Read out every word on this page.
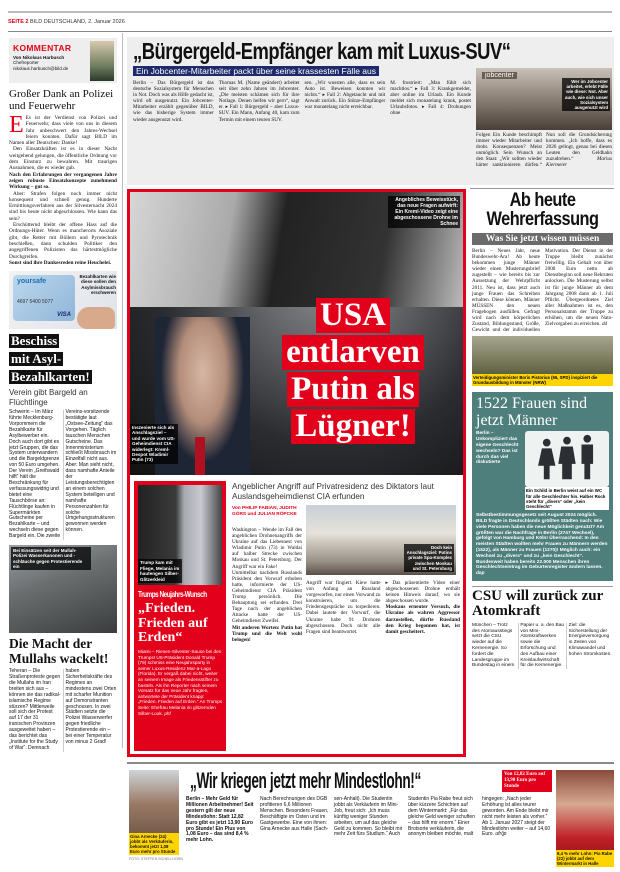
SEITE 2 BILD DEUTSCHLAND, 2. Januar 2026
KOMMENTAR
Von Nikolaus Harbusch
Chefreporter
nikolaus.harbusch@bild.de
Großer Dank an Polizei und Feuerwehr

E Es ist der Verdienst von Polizei und Feuerwehr, dass viele von uns in diesem Jahr unbeschwert den Jahres-Wechsel feiern konnten. Dafür sagt BILD im Namen aller Deutschen: Danke!

Den Einsatzkräften ist es in dieser Nacht weitgehend gelungen, die öffentliche Ordnung vor dem Einsturz zu bewahren. Mit traurigen Ausnahmen, die es wieder gab.

Nach den Erfahrungen der vergangenen Jahre zeigen robuste Einsatzkonzepte zunehmend Wirkung – gut so.

Aber: Strafen folgen noch immer nicht konsequent und schnell genug. Hunderte Ermittlungsverfahren aus der Silvesternacht 2024 sind bis heute nicht abgeschlossen. Wie kann das sein?

Erschütternd bleibt der offene Hass auf die Ordnungs-Hüter. Wenn es mancherorts Asoziale gibt, die Retter mit Böllern und Pyrotechnik beschießen, dann schulden Politiker den angegriffenen Polizisten das härtestmögliche Durchgreifen.

Sonst sind ihre Dankesreden reine Heuchelei.

yoursafe
4697 5400 5077
VISA
Bezahlkarten wie diese sollen den Asylmissbrauch erschweren
Beschiss
mit Asyl-
Bezahlkarten!
Verein gibt Bargeld an Flüchtlinge
Schwerin – Im März führte Mecklenburg-Vorpommern die Bezahlkarte für Asylbewerber ein. Doch auch dort gibt es jetzt Gruppen, die das System unterwandern und die Bargeldgrenze von 50 Euro umgehen. Der Verein „Greifswald hilft“ hält die Beschränkung für verfassungswidrig und bietet eine Tauschbörse an: Flüchtlinge kaufen in Supermärkten Gutscheine per Bezahlkarte – und wechseln diese gegen Bargeld ein. Die zweite Vereins-vorsitzende bestätigte laut „Ostsee-Zeitung“ das Vorgehen. Täglich tauschen Menschen Gutscheine. Das Innenministerium schließt Missbrauch im Einzelfall nicht aus. Aber: Man sieht nicht, dass namhafte Anteile der Leistungsberechtigten an einem solchen System beteiligen und namhafte Personenzahlen für solche Umgehungsstrukturen gewonnen werden können.
Bei Einsätzen seit der Mullah-Polizei Wasserkanonen und -schläuche gegen Protestierende ein
Die Macht der Mullahs wackelt!
Teheran – Die Straßenproteste gegen die Mullahs im Iran breiten sich aus – können sie das radikal-islamische Regime stürzen? Mittlerweile soll sich der Protest auf 17 der 31 iranischen Provinzen ausgeweitet haben – das berichtet das „Institute for the Study of War“. Demnach haben Sicherheitskräfte des Regimes an mindestens zwei Orten mit scharfer Munition auf Demonstranten geschossen. In zwei Städten setzte die Polizei Wasserwerfer gegen friedliche Protestierende ein – bei einer Temperatur von minus 2 Grad!
„Bürgergeld-Empfänger kam mit Luxus-SUV“
Ein Jobcenter-Mitarbeiter packt über seine krassesten Fälle aus
Berlin – Das Bürgergeld ist das deutsche Sozialsystem für Menschen in Not. Doch was als Hilfe gedacht ist, wird oft ausgenutzt. Ein Jobcenter-Mitarbeiter erzählt gegenüber BILD, wie das bisherige System immer wieder ausgenutzt wird.
Thomas M. (Name geändert) arbeitet seit über zehn Jahren im Jobcenter. „Die meisten schämen sich für ihre Notlage. Denen helfen wir gern“, sagt er. ▸ Fall 1: Bürgergeld – aber Luxus-SUV. Ein Mann, Anfang 40, kam zum Termin mit einem teuren SUV.
sen. „Wir wussten alle, dass es sein Auto ist. Beweisen konnten wir nichts.“ ▸ Fall 2: Abgetaucht und mit Anwalt zurück. Ein Stütze-Empfänger war monatelang nicht erreichbar.
M. frustriert: „Man fühlt sich machtlos.“ ▸ Fall 3: Krankgemeldet, aber online im Urlaub. Ein Kunde meldet sich monatelang krank, postet Urlaubsfotos. ▸ Fall 4: Drohungen ohne
jobcenter
Wer im Jobcenter arbeitet, erlebt Fälle wie diese: Not. Aber auch, wie sich unser Sozialsystem ausgenutzt wird
Folgen Ein Kunde beschimpft immer wieder Mitarbeiter und droht. Konsequenzen? Meist unmöglich. Sein Wunsch an den Staat: „Wir sollten wieder härter sanktionieren dürfen.“ Nun soll die Grundsicherung kommen. „Ich hoffe, dass es 2026 gelingt, genau bei diesen Leuten den Geldhahn zuzudrehen.“	Marius Kiermeier
Angebliches Beweisstück, das neue Fragen aufwirft: Ein Kreml-Video zeigt eine abgeschossene Drohne im Schnee
Inszenierte sich als Anschlagsziel – und wurde vom US-Geheimdienst CIA widerlegt: Kreml-Despot Wladimir Putin (73)
USA
entlarven
Putin als
Lügner!
Angeblicher Angriff auf Privatresidenz des Diktators laut Auslandsgeheimdienst CIA erfunden
Von PHILIP FABIAN, JUDITH GÖRS und JULIAN RÖPCKE
Doch kein Anschlagsziel: Putins private Spa-Komplex zwischen Moskau und St. Petersburg

Washington – Wende im Fall des angeblichen Drohnenangriffs der Ukraine auf das Liebesnest von Wladimir Putin (73) in Waldai auf halber Strecke zwischen Moskau und St. Petersburg. Der Angriff war ein Fake!

Unmittelbar nachdem Russlands Präsident den Vorwurf erhoben hatte, informierte der US-Geheimdienst CIA Präsident Trump persönlich. Die Behauptung sei erfunden. Drei Tage nach der angeblichen Attacke hatte der US-Geheimdienst Zweifel.

Mit anderen Worten: Putin hat Trump und die Welt wohl belogen!

Angriff war fingiert. Kiew hatte von Anfang an Russland vorgeworfen, nur einen Vorwand zu konstruieren, um die Friedensgespräche zu torpedieren. Dabei lautete der Vorwurf, die Ukraine habe 91 Drohnen abgeschossen. Doch nicht alle Fragen sind beantwortet.

▸ Das präsentierte Video einer abgeschossenen Drohne enthält keinen Hinweis darauf, wo sie abgeschossen wurde.

Moskaus erneuter Versuch, die Ukraine als wahren Aggressor darzustellen, dürfte Russland den Krieg begonnen hat, ist damit gescheitert.

Trump kam mit Fliege, Melania im hautengen Silber-Glitzerkleid
Trumps Neujahrs-Wunsch
„Frieden. Frieden auf Erden“
Miami – Riesen-Silvester-Sause bei den Trumps! US-Präsident Donald Trump (79) schmiss eine Neujahrsparty in seiner Luxus-Residenz Mar-a-Lago (Florida). Er vergaß dabei nicht, weiter an seinem Image als Friedensstifter zu basteln. Als ihn Reporter nach seinem Vorsatz für das neue Jahr fragten, antwortete der Präsident knapp: „Frieden. Frieden auf Erden.“ An Trumps Seite: Ehefrau Melania im glitzernden Silber-Look. phf
Ab heute
Wehrerfassung
Was Sie jetzt wissen müssen
Berlin – Neues Jahr, neue Bundeswehr-Ära! Ab heute bekommen junge Männer wieder einen Musterungsbrief zugestellt – wie bereits bis zur Aussetzung der Wehrpflicht 2011. Neu ist, dass jetzt auch junge Frauen das Schreiben erhalten. Diese können, Männer MÜSSEN den neuen Fragebogen ausfüllen. Gefragt wird nach dem körperlichen Zustand, Bildungsstand, Größe, Gewicht und der individuellen Motivation. Der Dienst in der Truppe bleibt zunächst freiwillig. Ein Gehalt von über 2000 Euro netto ab Dienstbeginn soll neue Rekruten anlocken. Die Musterung selbst ist für junge Männer ab dem Jahrgang 2008 dann ab 1. Juli Pflicht. Übergeordnetes Ziel aller Maßnahmen ist es, den Personalstamm der Truppe zu erhöhen, um die neuen Nato-Zielvorgaben zu erreichen. dd
Verteidigungsminister Boris Pistorius (65, SPD) inspiziert die Grundausbildung in Münster (NRW)
1522 Frauen sind jetzt Männer
Ein Schild in Berlin weist auf ein WC für alle Geschlechter hin. Halber Rock steht für „divers“ oder „kein Geschlecht“
Berlin – Unkompliziert das eigene Geschlecht wechseln? Das ist durch das viel diskutierte Selbstbestimmungsgesetz seit August 2024 möglich. BILD fragte in Deutschlands größten Städten nach: Wie viele Personen haben die neue Möglichkeit genutzt? Am größten war die Nachfrage in Berlin (2747 Wechsel), gefolgt von Hamburg und Köln! Überraschend: In den meisten Städten wollten mehr Frauen zu Männern werden (1522), als Männer zu Frauen (1270)! Möglich auch: ein Wechsel zu „divers“ und zu „kein Geschlecht“. Bundesweit haben bereits 22.000 Menschen ihren Geschlechtseintrag im Geburtenregister ändern lassen. dap
CSU will zurück zur Atomkraft
München – Trotz des Atomausstiegs setzt die CSU wieder auf die Kernenergie. So fordert die Landesgruppe im Bundestag in einem Papier u. a. den Bau von Mini-Atomkraftwerken sowie die Erforschung und den Aufbau einer Kreislaufwirtschaft für die Kernenergie. Ziel: die Sicherstellung der Energieversorgung in Zeiten von Klimawandel und hohen Stromkosten.
Gina Arnecke (24) jobbt als Verkäuferin, bekommt jetzt 1,08 Euro mehr pro Stunde
FOTO: STEFFEN SCHELLHORN
„Wir kriegen jetzt mehr Mindestlohn!“	Von 12,82 Euro auf 13,90 Euro pro Stunde
Berlin – Mehr Geld für Millionen Arbeitnehmer! Seit gestern gilt der neue Mindestlohn: Statt 12,82 Euro gibt es jetzt 13,90 Euro pro Stunde! Ein Plus von 1,08 Euro – das sind 8,4 % mehr Lohn.
Nach Berechnungen des DGB profitieren 6,6 Millionen Menschen. Besonders Frauen, Beschäftigte im Osten und im Gastgewerbe. Eine von ihnen: Gina Arnecke aus Halle (Sach-
sen-Anhalt). Die Studentin jobbt als Verkäuferin im Mini-Job, freut sich: „Ich muss künftig weniger Stunden arbeiten, um auf das gleiche Geld zu kommen. So bleibt mir mehr Zeit fürs Studium.“ Auch
Studentin Pia Rabe freut sich über kürzere Schichten auf dem Wintermarkt: „Für das gleiche Geld weniger schuften – das hilft mir enorm.“ Einer Brotsorte verkäuferin, die anonym bleiben möchte, malt
hingegen: „Nach jeder Erhöhung ist alles teurer geworden. Am Ende bleibt mir nicht mehr leisten als vorher.“ Ab 1. Januar 2027 steigt der Mindestlohn weiter – auf 14,60 Euro. ufr/jp
8,4 % mehr Lohn: Pia Rabe (22) jobbt auf dem Wintermarkt in Halle
